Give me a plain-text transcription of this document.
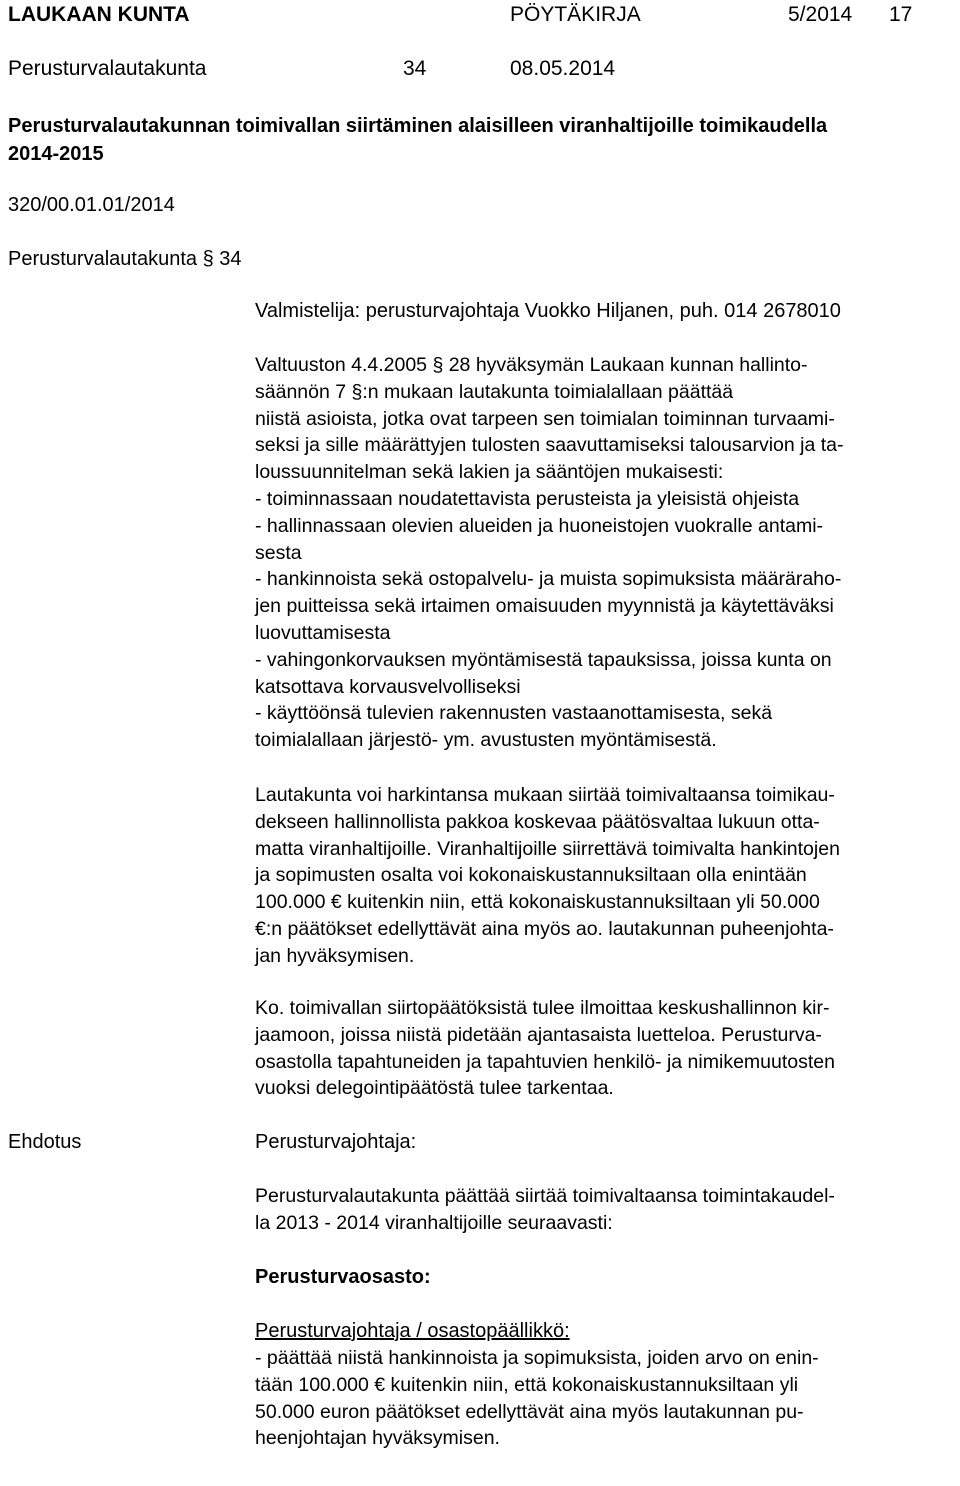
LAUKAAN KUNTA	PÖYTÄKIRJA	5/2014 17
Perusturvalautakunta	34	08.05.2014
Perusturvalautakunnan toimivallan siirtäminen alaisilleen viranhaltijoille toimikaudella
2014-2015
320/00.01.01/2014
Perusturvalautakunta § 34
Valmistelija: perusturvajohtaja Vuokko Hiljanen, puh. 014 2678010
Valtuuston 4.4.2005 § 28 hyväksymän Laukaan kunnan hallinto-
säännön 7 §:n mukaan lautakunta toimialallaan päättää
niistä asioista, jotka ovat tarpeen sen toimialan toiminnan turvaami-
seksi ja sille määrättyjen tulosten saavuttamiseksi talousarvion ja ta-
loussuunnitelman sekä lakien ja sääntöjen mukaisesti:
- toiminnassaan noudatettavista perusteista ja yleisistä ohjeista
- hallinnassaan olevien alueiden ja huoneistojen vuokralle antami-
sesta
- hankinnoista sekä ostopalvelu- ja muista sopimuksista määräraho-
jen puitteissa sekä irtaimen omaisuuden myynnistä ja käytettäväksi
luovuttamisesta
- vahingonkorvauksen myöntämisestä tapauksissa, joissa kunta on
katsottava korvausvelvolliseksi
- käyttöönsä tulevien rakennusten vastaanottamisesta, sekä
toimialallaan järjestö- ym. avustusten myöntämisestä.
Lautakunta voi harkintansa mukaan siirtää toimivaltaansa toimikau-
dekseen hallinnollista pakkoa koskevaa päätösvaltaa lukuun otta-
matta viranhaltijoille. Viranhaltijoille siirrettävä toimivalta hankintojen
ja sopimusten osalta voi kokonaiskustannuksiltaan olla enintään
100.000 € kuitenkin niin, että kokonaiskustannuksiltaan yli 50.000
€:n päätökset edellyttävät aina myös ao. lautakunnan puheenjohta-
jan hyväksymisen.
Ko. toimivallan siirtopäätöksistä tulee ilmoittaa keskushallinnon kir-
jaamoon, joissa niistä pidetään ajantasaista luetteloa. Perusturva-
osastolla tapahtuneiden ja tapahtuvien henkilö- ja nimikemuutosten
vuoksi delegointipäätöstä tulee tarkentaa.
Ehdotus	Perusturvajohtaja:
Perusturvalautakunta päättää siirtää toimivaltaansa toimintakaudel-
la 2013 - 2014 viranhaltijoille seuraavasti:
Perusturvaosasto:
Perusturvajohtaja / osastopäällikkö:
- päättää niistä hankinnoista ja sopimuksista, joiden arvo on enin-
tään 100.000 € kuitenkin niin, että kokonaiskustannuksiltaan yli
50.000 euron päätökset edellyttävät aina myös lautakunnan pu-
heenjohtajan hyväksymisen.
